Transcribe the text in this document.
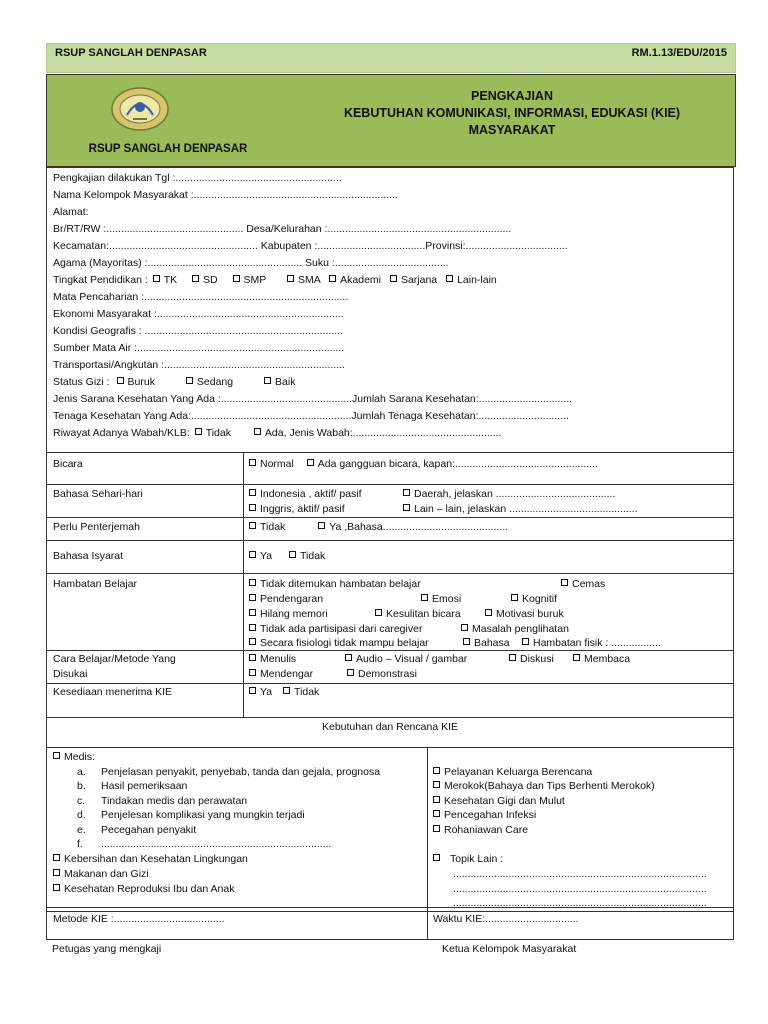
RSUP SANGLAH DENPASAR	RM.1.13/EDU/2015
RSUP SANGLAH DENPASAR
PENGKAJIAN
KEBUTUHAN KOMUNIKASI, INFORMASI, EDUKASI (KIE)
MASYARAKAT
Pengkajian dilakukan Tgl :.........................................................
Nama Kelompok Masyarakat :......................................................................
Alamat:
Br/RT/RW :............................................... Desa/Kelurahan :...............................................................
Kecamatan:................................................... Kabupaten :.....................................Provinsi:...................................
Agama (Mayoritas) :..................................................... Suku :.......................................
Tingkat Pendidikan : TK SD SMP	SMA Akademi Sarjana Lain-lain
Mata Pencaharian :......................................................................
Ekonomi Masyarakat :................................................................
Kondisi Geografis : ....................................................................
Sumber Mata Air :.......................................................................
Transportasi/Angkutan :..............................................................
Status Gizi : Buruk	Sedang	Baik
Jenis Sarana Kesehatan Yang Ada :.............................................Jumlah Sarana Kesehatan:................................
Tenaga Kesehatan Yang Ada:.......................................................Jumlah Tenaga Kesehatan:...............................
Riwayat Adanya Wabah/KLB: Tidak	Ada, Jenis Wabah:...................................................
Bicara	Normal Ada gangguan bicara, kapan:.................................................
Bahasa Sehari-hari	Indonesia , aktif/ pasif	Daerah, jelaskan .........................................
Inggris, aktif/ pasif	Lain – lain, jelaskan ............................................
Perlu Penterjemah	Tidak	Ya ,Bahasa...........................................
Bahasa Isyarat	Ya	Tidak
Hambatan Belajar	Tidak ditemukan hambatan belajar	Cemas
Pendengaran	Emosi	Kognitif
Hilang memori	Kesulitan bicara	Motivasi buruk
Tidak ada partisipasi dari caregiver	Masalah penglihatan
Secara fisiologi tidak mampu belajar	Bahasa	Hambatan fisik : .................
Cara Belajar/Metode Yang
Disukai
Menulis	Audio – Visual / gambar	Diskusi	Membaca
Mendengar	Demonstrasi
Kesediaan menerima KIE	Ya Tidak
Kebutuhan dan Rencana KIE
Medis:
a. Penjelasan penyakit, penyebab, tanda dan gejala, prognosa
b. Hasil pemeriksaan
c. Tindakan medis dan perawatan
d. Penjelesan komplikasi yang mungkin terjadi
e. Pecegahan penyakit
f. ...............................................................................
Kebersihan dan Kesehatan Lingkungan
Makanan dan Gizi
Kesehatan Reproduksi Ibu dan Anak
Pelayanan Keluarga Berencana
Merokok(Bahaya dan Tips Berhenti Merokok)
Kesehatan Gigi dan Mulut
Pencegahan Infeksi
Rohaniawan Care
Topik Lain :
.......................................................................................
.......................................................................................
.......................................................................................
Metode KIE :......................................	Waktu KIE:................................
Petugas yang mengkaji	Ketua Kelompok Masyarakat
